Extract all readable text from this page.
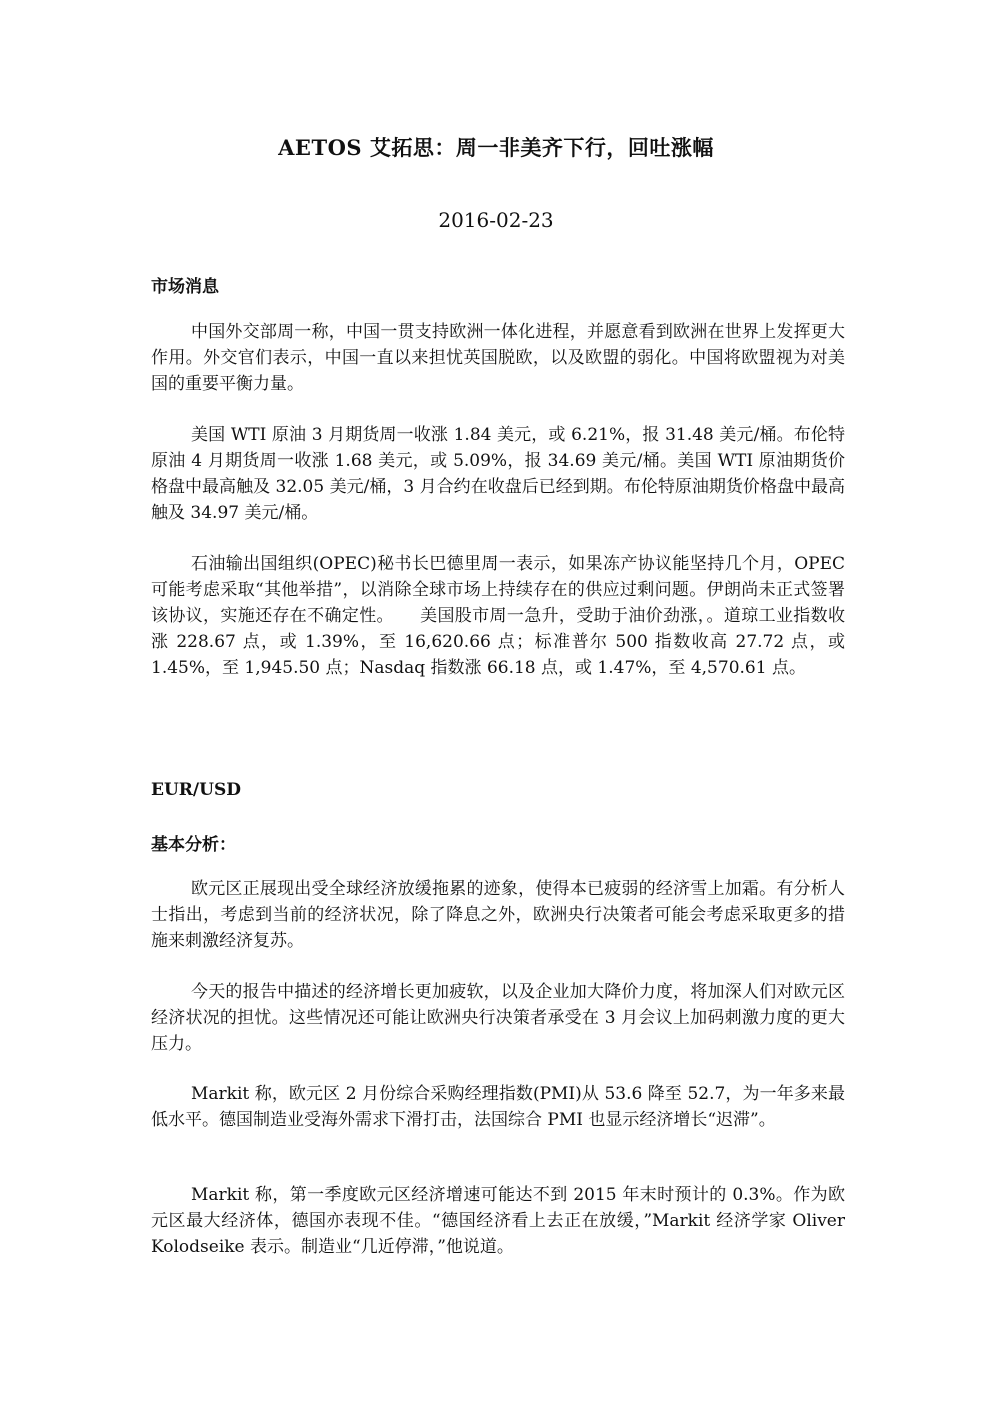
AETOS 艾拓思：周一非美齐下行，回吐涨幅
2016-02-23
市场消息

中国外交部周一称，中国一贯支持欧洲一体化进程，并愿意看到欧洲在世界上发挥更大作用。外交官们表示，中国一直以来担忧英国脱欧，以及欧盟的弱化。中国将欧盟视为对美国的重要平衡力量。

美国 WTI 原油 3 月期货周一收涨 1.84 美元，或 6.21%，报 31.48 美元/桶。布伦特原油 4 月期货周一收涨 1.68 美元，或 5.09%，报 34.69 美元/桶。美国 WTI 原油期货价格盘中最高触及 32.05 美元/桶，3 月合约在收盘后已经到期。布伦特原油期货价格盘中最高触及 34.97 美元/桶。

石油输出国组织(OPEC)秘书长巴德里周一表示，如果冻产协议能坚持几个月，OPEC 可能考虑采取“其他举措”，以消除全球市场上持续存在的供应过剩问题。伊朗尚未正式签署该协议，实施还存在不确定性。　　美国股市周一急升，受助于油价劲涨，。道琼工业指数收涨 228.67 点，或 1.39%，至 16,620.66 点；标准普尔 500 指数收高 27.72 点，或 1.45%，至 1,945.50 点；Nasdaq 指数涨 66.18 点，或 1.47%，至 4,570.61 点。

EUR/USD
基本分析：

欧元区正展现出受全球经济放缓拖累的迹象，使得本已疲弱的经济雪上加霜。有分析人士指出，考虑到当前的经济状况，除了降息之外，欧洲央行决策者可能会考虑采取更多的措施来刺激经济复苏。

今天的报告中描述的经济增长更加疲软，以及企业加大降价力度，将加深人们对欧元区经济状况的担忧。这些情况还可能让欧洲央行决策者承受在 3 月会议上加码刺激力度的更大压力。

Markit 称，欧元区 2 月份综合采购经理指数(PMI)从 53.6 降至 52.7，为一年多来最低水平。德国制造业受海外需求下滑打击，法国综合 PMI 也显示经济增长“迟滞”。

Markit 称，第一季度欧元区经济增速可能达不到 2015 年末时预计的 0.3%。作为欧元区最大经济体，德国亦表现不佳。“德国经济看上去正在放缓，”Markit 经济学家 Oliver Kolodseike 表示。制造业“几近停滞，”他说道。
